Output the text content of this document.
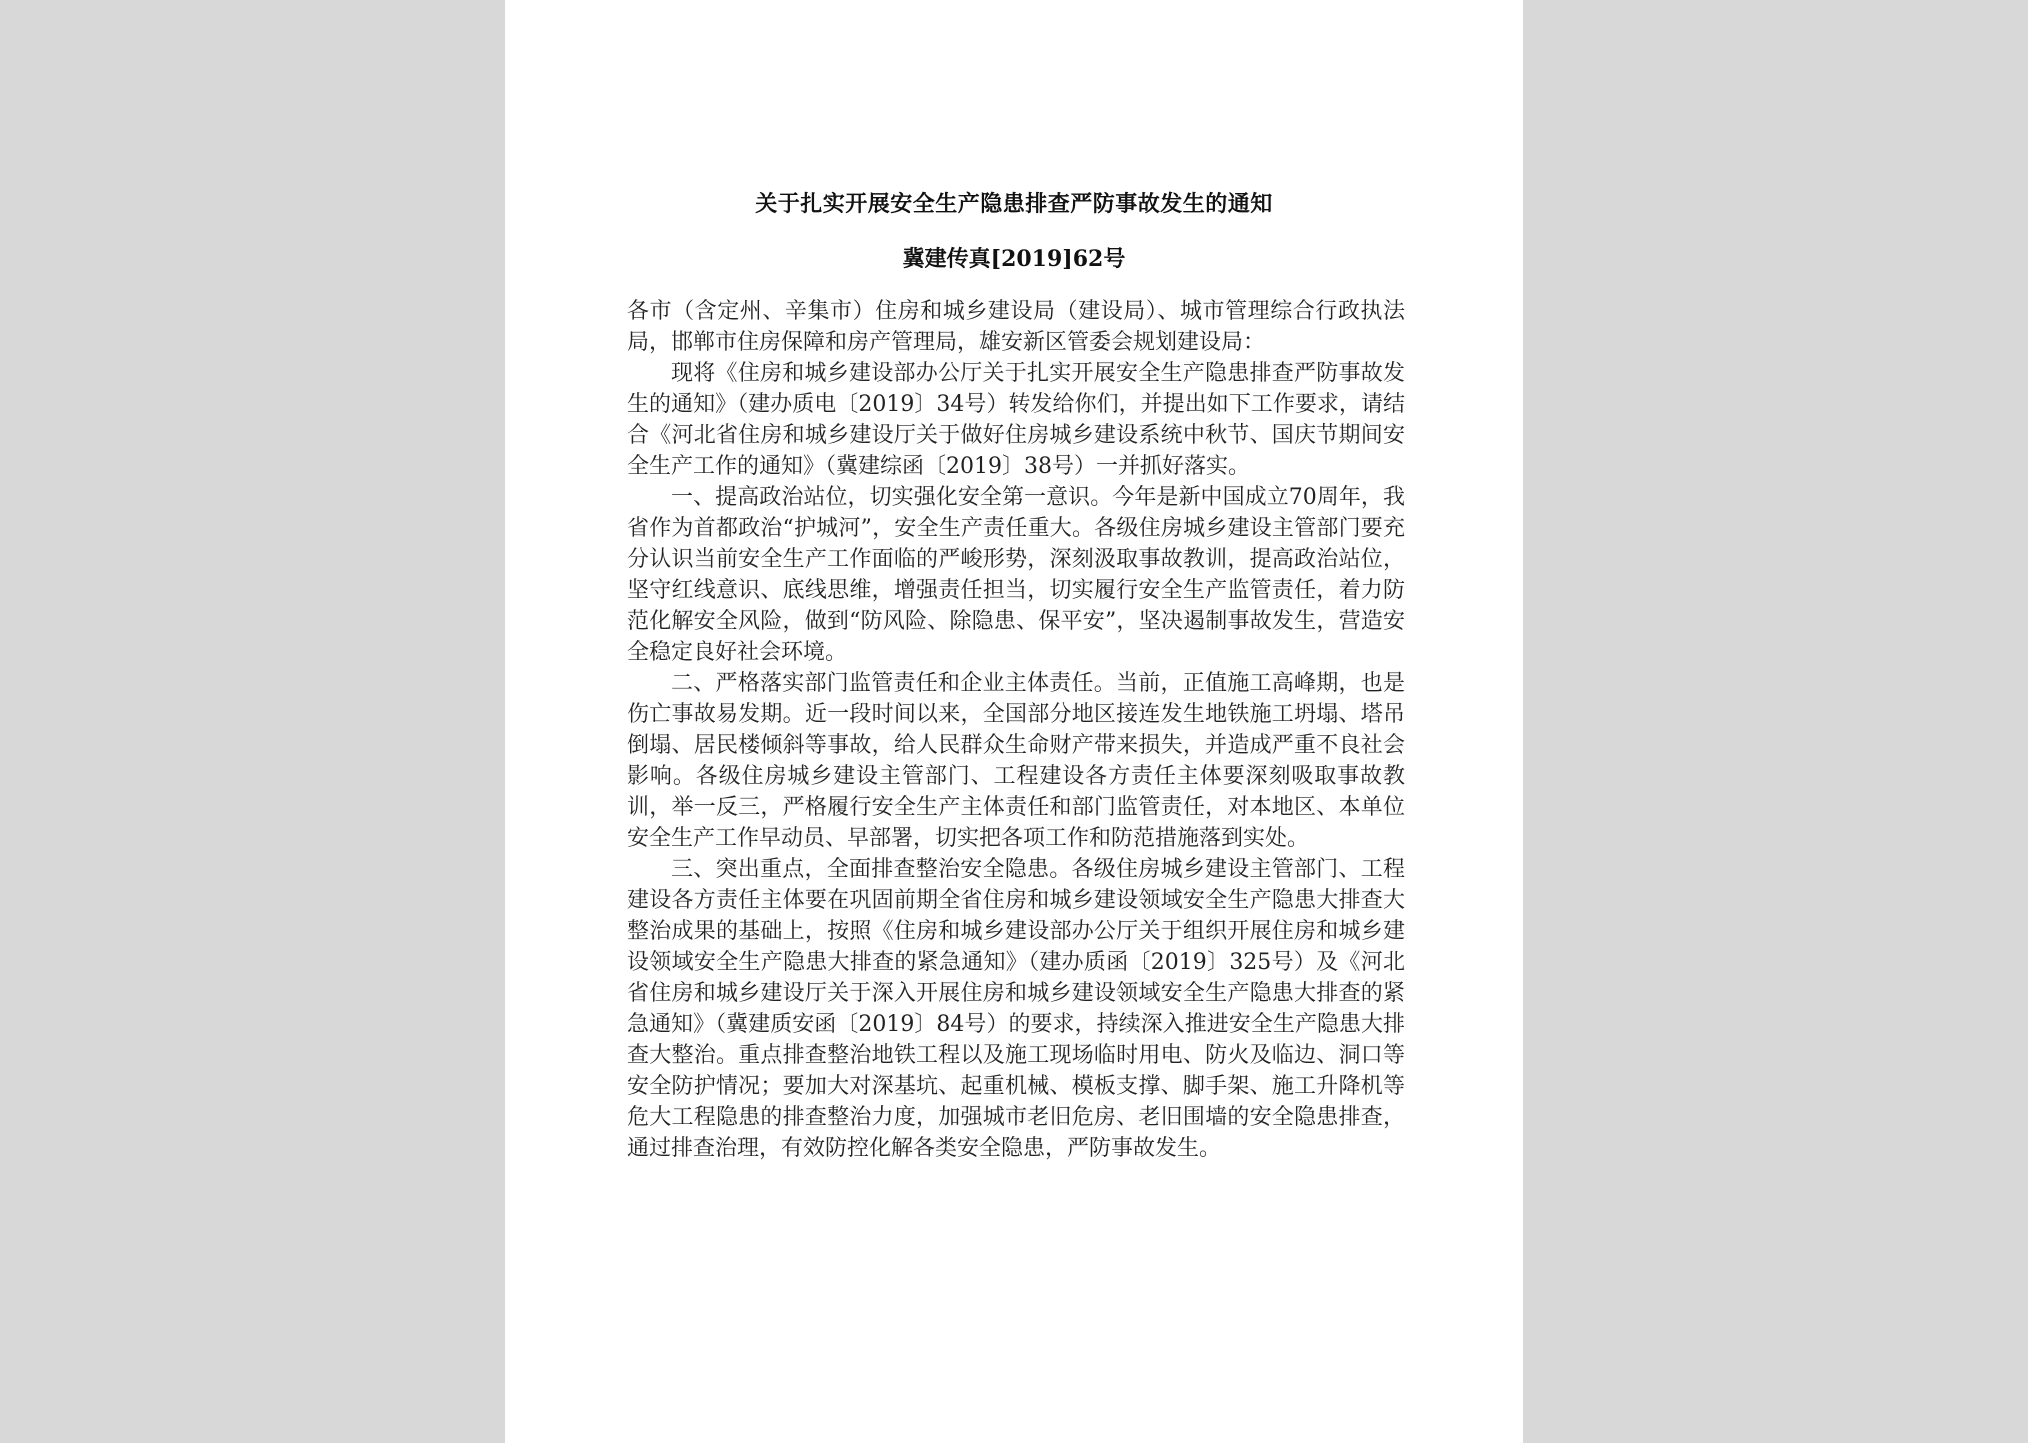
关于扎实开展安全生产隐患排查严防事故发生的通知
冀建传真[2019]62号

各市（含定州、辛集市）住房和城乡建设局（建设局）、城市管理综合行政执法局，邯郸市住房保障和房产管理局，雄安新区管委会规划建设局：

现将《住房和城乡建设部办公厅关于扎实开展安全生产隐患排查严防事故发生的通知》（建办质电〔2019〕34号）转发给你们，并提出如下工作要求，请结合《河北省住房和城乡建设厅关于做好住房城乡建设系统中秋节、国庆节期间安全生产工作的通知》（冀建综函〔2019〕38号）一并抓好落实。

一、提高政治站位，切实强化安全第一意识。今年是新中国成立70周年，我省作为首都政治“护城河”，安全生产责任重大。各级住房城乡建设主管部门要充分认识当前安全生产工作面临的严峻形势，深刻汲取事故教训，提高政治站位，坚守红线意识、底线思维，增强责任担当，切实履行安全生产监管责任，着力防范化解安全风险，做到“防风险、除隐患、保平安”，坚决遏制事故发生，营造安全稳定良好社会环境。

二、严格落实部门监管责任和企业主体责任。当前，正值施工高峰期，也是伤亡事故易发期。近一段时间以来，全国部分地区接连发生地铁施工坍塌、塔吊倒塌、居民楼倾斜等事故，给人民群众生命财产带来损失，并造成严重不良社会影响。各级住房城乡建设主管部门、工程建设各方责任主体要深刻吸取事故教训，举一反三，严格履行安全生产主体责任和部门监管责任，对本地区、本单位安全生产工作早动员、早部署，切实把各项工作和防范措施落到实处。

三、突出重点，全面排查整治安全隐患。各级住房城乡建设主管部门、工程建设各方责任主体要在巩固前期全省住房和城乡建设领域安全生产隐患大排查大整治成果的基础上，按照《住房和城乡建设部办公厅关于组织开展住房和城乡建设领域安全生产隐患大排查的紧急通知》（建办质函〔2019〕325号）及《河北省住房和城乡建设厅关于深入开展住房和城乡建设领域安全生产隐患大排查的紧急通知》（冀建质安函〔2019〕84号）的要求，持续深入推进安全生产隐患大排查大整治。重点排查整治地铁工程以及施工现场临时用电、防火及临边、洞口等安全防护情况；要加大对深基坑、起重机械、模板支撑、脚手架、施工升降机等危大工程隐患的排查整治力度，加强城市老旧危房、老旧围墙的安全隐患排查，通过排查治理，有效防控化解各类安全隐患，严防事故发生。
